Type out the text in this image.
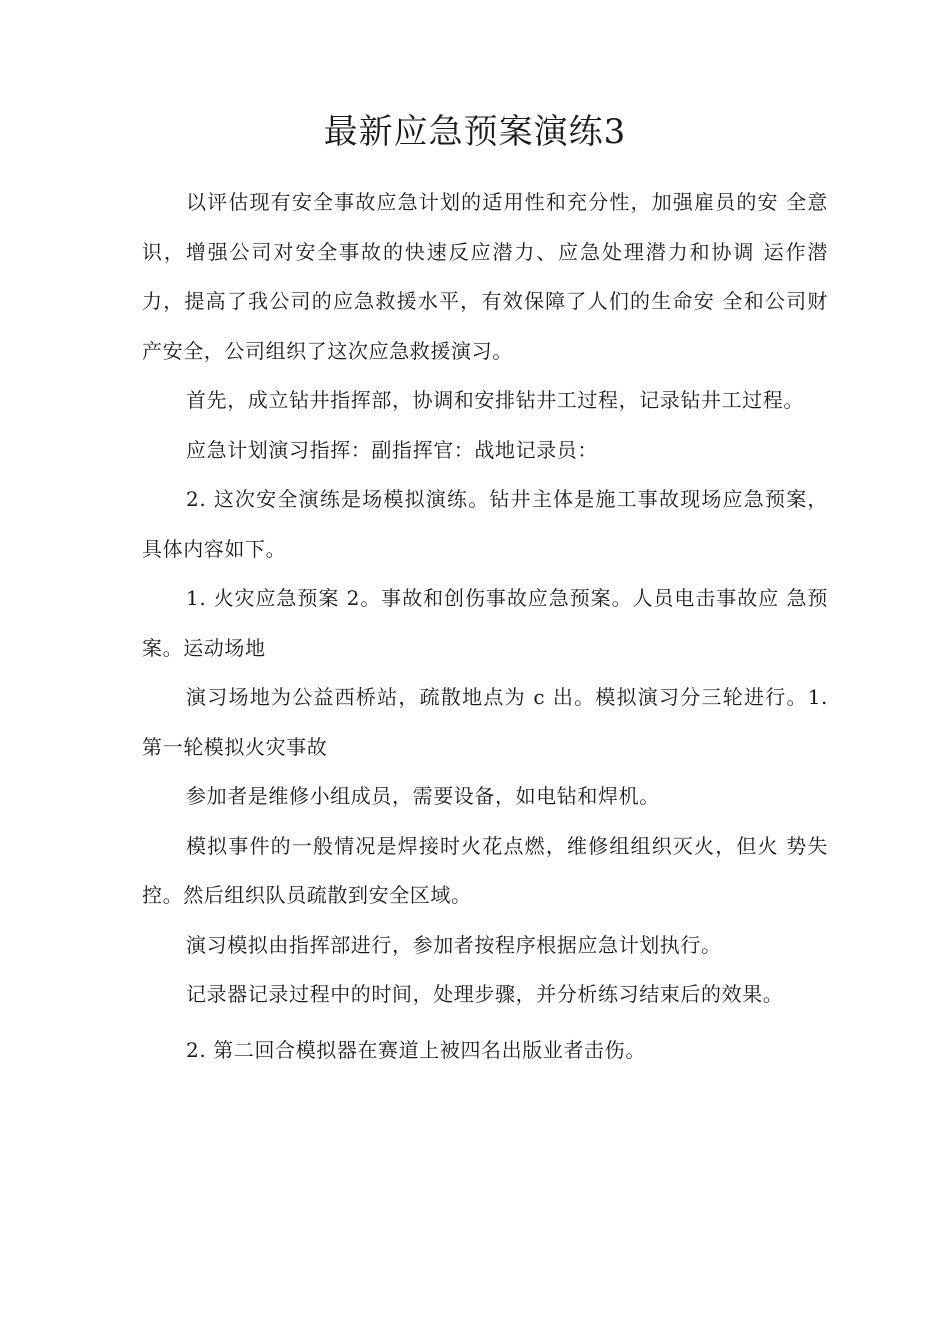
最新应急预案演练3

以评估现有安全事故应急计划的适用性和充分性，加强雇员的安 全意识，增强公司对安全事故的快速反应潜力、应急处理潜力和协调 运作潜力，提高了我公司的应急救援水平，有效保障了人们的生命安 全和公司财产安全，公司组织了这次应急救援演习。

首先，成立钻井指挥部，协调和安排钻井工过程，记录钻井工过程。

应急计划演习指挥：副指挥官：战地记录员：

2. 这次安全演练是场模拟演练。钻井主体是施工事故现场应急预案，具体内容如下。

1. 火灾应急预案 2。事故和创伤事故应急预案。人员电击事故应 急预案。运动场地

演习场地为公益西桥站，疏散地点为 c 出。模拟演习分三轮进行。1.第一轮模拟火灾事故

参加者是维修小组成员，需要设备，如电钻和焊机。

模拟事件的一般情况是焊接时火花点燃，维修组组织灭火，但火 势失控。然后组织队员疏散到安全区域。

演习模拟由指挥部进行，参加者按程序根据应急计划执行。

记录器记录过程中的时间，处理步骤，并分析练习结束后的效果。

2. 第二回合模拟器在赛道上被四名出版业者击伤。
